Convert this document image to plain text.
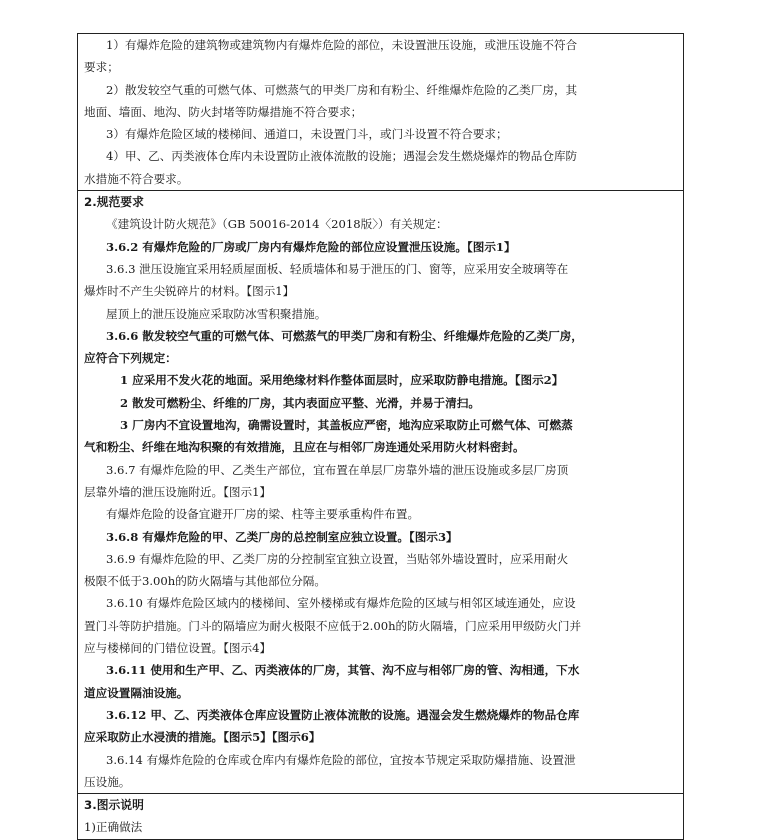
1）有爆炸危险的建筑物或建筑物内有爆炸危险的部位，未设置泄压设施，或泄压设施不符合
要求；
2）散发较空气重的可燃气体、可燃蒸气的甲类厂房和有粉尘、纤维爆炸危险的乙类厂房，其
地面、墙面、地沟、防火封堵等防爆措施不符合要求；
3）有爆炸危险区域的楼梯间、通道口，未设置门斗，或门斗设置不符合要求；
4）甲、乙、丙类液体仓库内未设置防止液体流散的设施；遇湿会发生燃烧爆炸的物品仓库防
水措施不符合要求。
2.规范要求
《建筑设计防火规范》（GB 50016-2014〈2018版〉）有关规定：
3.6.2 有爆炸危险的厂房或厂房内有爆炸危险的部位应设置泄压设施。【图示1】
3.6.3 泄压设施宜采用轻质屋面板、轻质墙体和易于泄压的门、窗等，应采用安全玻璃等在
爆炸时不产生尖锐碎片的材料。【图示1】
屋顶上的泄压设施应采取防冰雪积聚措施。
3.6.6 散发较空气重的可燃气体、可燃蒸气的甲类厂房和有粉尘、纤维爆炸危险的乙类厂房，
应符合下列规定：
1 应采用不发火花的地面。采用绝缘材料作整体面层时，应采取防静电措施。【图示2】
2 散发可燃粉尘、纤维的厂房，其内表面应平整、光滑，并易于清扫。
3 厂房内不宜设置地沟，确需设置时，其盖板应严密，地沟应采取防止可燃气体、可燃蒸
气和粉尘、纤维在地沟积聚的有效措施，且应在与相邻厂房连通处采用防火材料密封。
3.6.7 有爆炸危险的甲、乙类生产部位，宜布置在单层厂房靠外墙的泄压设施或多层厂房顶
层靠外墙的泄压设施附近。【图示1】
有爆炸危险的设备宜避开厂房的梁、柱等主要承重构件布置。
3.6.8 有爆炸危险的甲、乙类厂房的总控制室应独立设置。【图示3】
3.6.9 有爆炸危险的甲、乙类厂房的分控制室宜独立设置，当贴邻外墙设置时，应采用耐火
极限不低于3.00h的防火隔墙与其他部位分隔。
3.6.10 有爆炸危险区域内的楼梯间、室外楼梯或有爆炸危险的区域与相邻区域连通处，应设
置门斗等防护措施。门斗的隔墙应为耐火极限不应低于2.00h的防火隔墙，门应采用甲级防火门并
应与楼梯间的门错位设置。【图示4】
3.6.11 使用和生产甲、乙、丙类液体的厂房，其管、沟不应与相邻厂房的管、沟相通，下水
道应设置隔油设施。
3.6.12 甲、乙、丙类液体仓库应设置防止液体流散的设施。遇湿会发生燃烧爆炸的物品仓库
应采取防止水浸渍的措施。【图示5】【图示6】
3.6.14 有爆炸危险的仓库或仓库内有爆炸危险的部位，宜按本节规定采取防爆措施、设置泄
压设施。
3.图示说明
1)正确做法
